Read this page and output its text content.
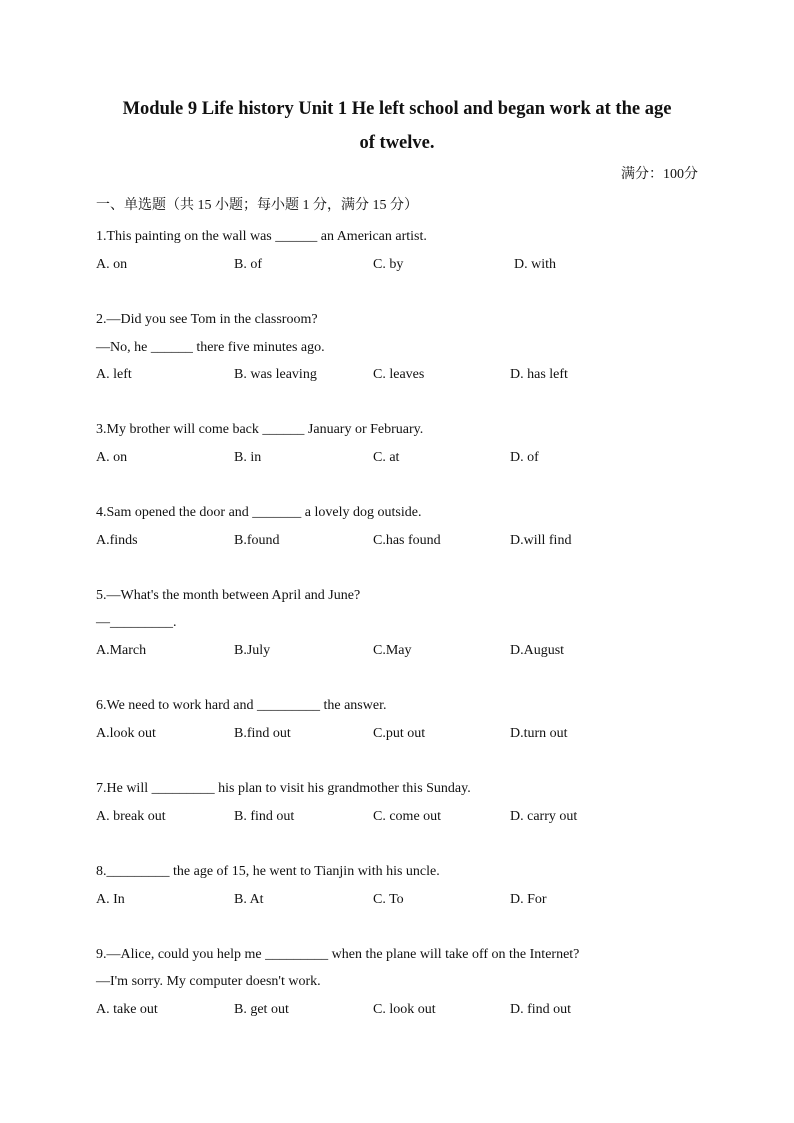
Module 9 Life history Unit 1 He left school and began work at the age
of twelve.
满分：100分
一、单选题（共 15 小题；每小题 1 分，满分 15 分）
1.This painting on the wall was ______ an American artist.
A. on	B. of	C. by	D. with
2.—Did you see Tom in the classroom?
—No, he ______ there five minutes ago.
A. left	B. was leaving	C. leaves	D. has left
3.My brother will come back ______ January or February.
A. on	B. in	C. at	D. of
4.Sam opened the door and _______ a lovely dog outside.
A.finds	B.found	C.has found	D.will find
5.—What's the month between April and June?
—_________.
A.March	B.July	C.May	D.August
6.We need to work hard and _________ the answer.
A.look out	B.find out	C.put out	D.turn out
7.He will _________ his plan to visit his grandmother this Sunday.
A. break out	B. find out	C. come out	D. carry out
8._________ the age of 15, he went to Tianjin with his uncle.
A. In	B. At	C. To	D. For
9.—Alice, could you help me _________ when the plane will take off on the Internet?
—I'm sorry. My computer doesn't work.
A. take out	B. get out	C. look out	D. find out
